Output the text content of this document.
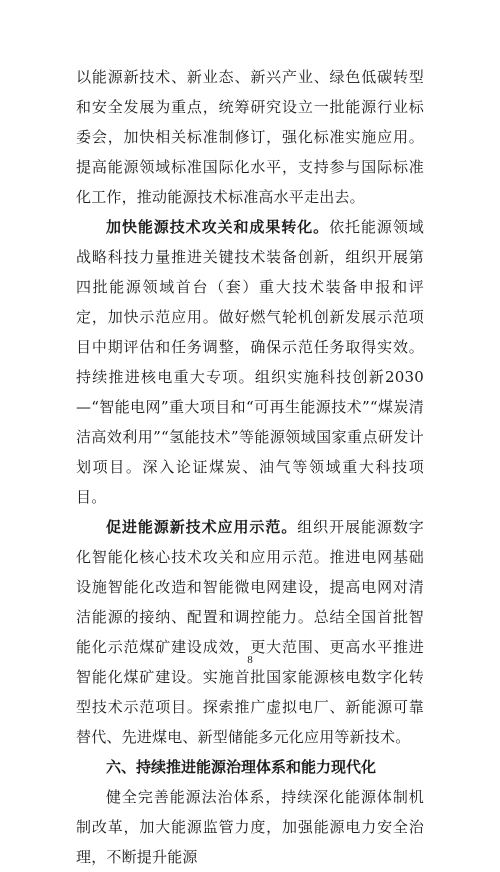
以能源新技术、新业态、新兴产业、绿色低碳转型和安全发展为重点，统筹研究设立一批能源行业标委会，加快相关标准制修订，强化标准实施应用。提高能源领域标准国际化水平，支持参与国际标准化工作，推动能源技术标准高水平走出去。

加快能源技术攻关和成果转化。依托能源领域战略科技力量推进关键技术装备创新，组织开展第四批能源领域首台（套）重大技术装备申报和评定，加快示范应用。做好燃气轮机创新发展示范项目中期评估和任务调整，确保示范任务取得实效。持续推进核电重大专项。组织实施科技创新2030—“智能电网”重大项目和“可再生能源技术”“煤炭清洁高效利用”“氢能技术”等能源领域国家重点研发计划项目。深入论证煤炭、油气等领域重大科技项目。

促进能源新技术应用示范。组织开展能源数字化智能化核心技术攻关和应用示范。推进电网基础设施智能化改造和智能微电网建设，提高电网对清洁能源的接纳、配置和调控能力。总结全国首批智能化示范煤矿建设成效，更大范围、更高水平推进智能化煤矿建设。实施首批国家能源核电数字化转型技术示范项目。探索推广虚拟电厂、新能源可靠替代、先进煤电、新型储能多元化应用等新技术。

六、持续推进能源治理体系和能力现代化

健全完善能源法治体系，持续深化能源体制机制改革，加大能源监管力度，加强能源电力安全治理，不断提升能源

8
